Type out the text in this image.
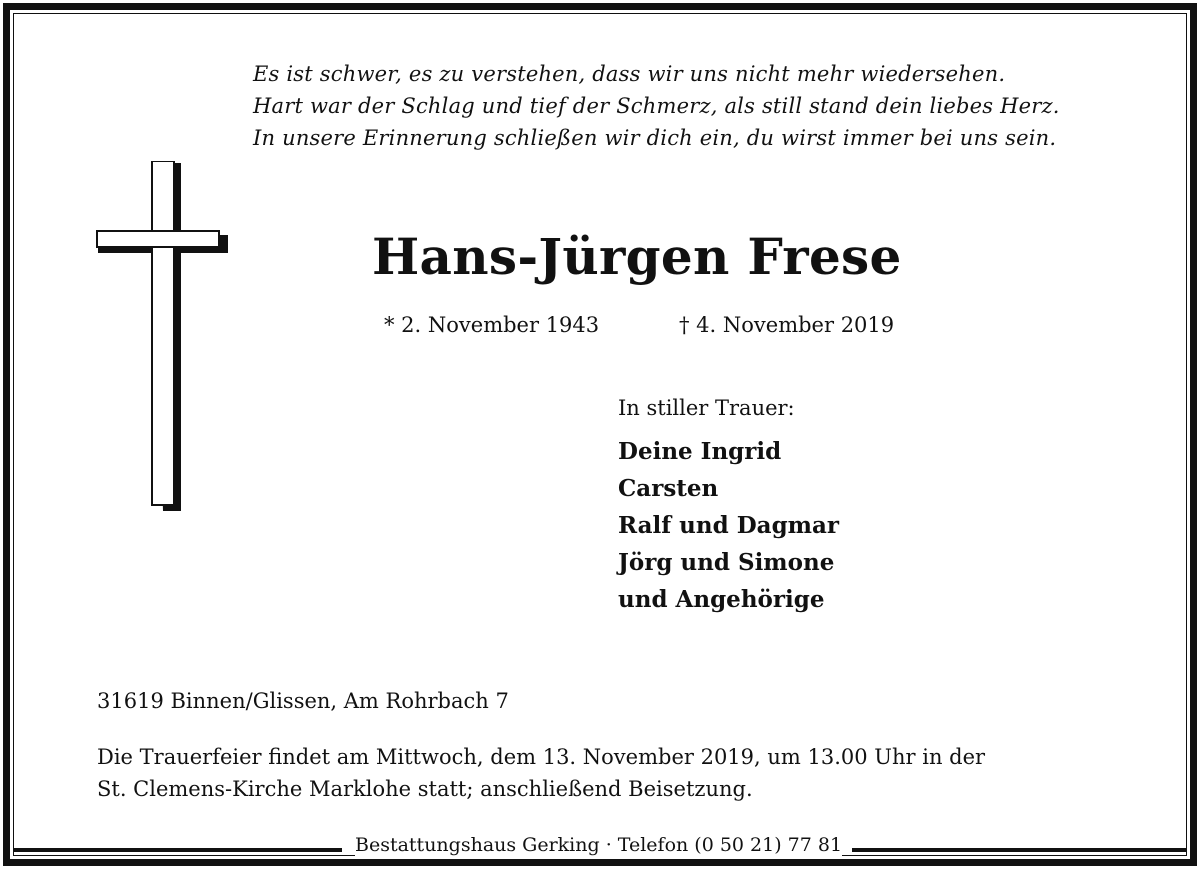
Es ist schwer, es zu verstehen, dass wir uns nicht mehr wiedersehen.
Hart war der Schlag und tief der Schmerz, als still stand dein liebes Herz.
In unsere Erinnerung schließen wir dich ein, du wirst immer bei uns sein.
Hans-Jürgen Frese
* 2. November 1943	† 4. November 2019
In stiller Trauer:
Deine Ingrid
Carsten
Ralf und Dagmar
Jörg und Simone
und Angehörige
31619 Binnen/Glissen, Am Rohrbach 7
Die Trauerfeier findet am Mittwoch, dem 13. November 2019, um 13.00 Uhr in der
St. Clemens-Kirche Marklohe statt; anschließend Beisetzung.
Bestattungshaus Gerking · Telefon (0 50 21) 77 81
